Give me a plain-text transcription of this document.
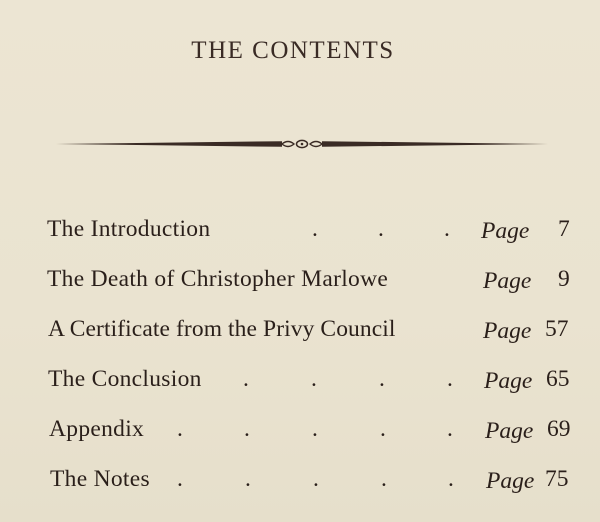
THE CONTENTS
The Introduction	.	.	. Page 7
The Death of Christopher Marlowe	Page 9
A Certificate from the Privy Council	Page 57
The Conclusion .	.	.	. Page 65
Appendix .	.	.	.	. Page 69
The Notes .	.	.	.	. Page 75
